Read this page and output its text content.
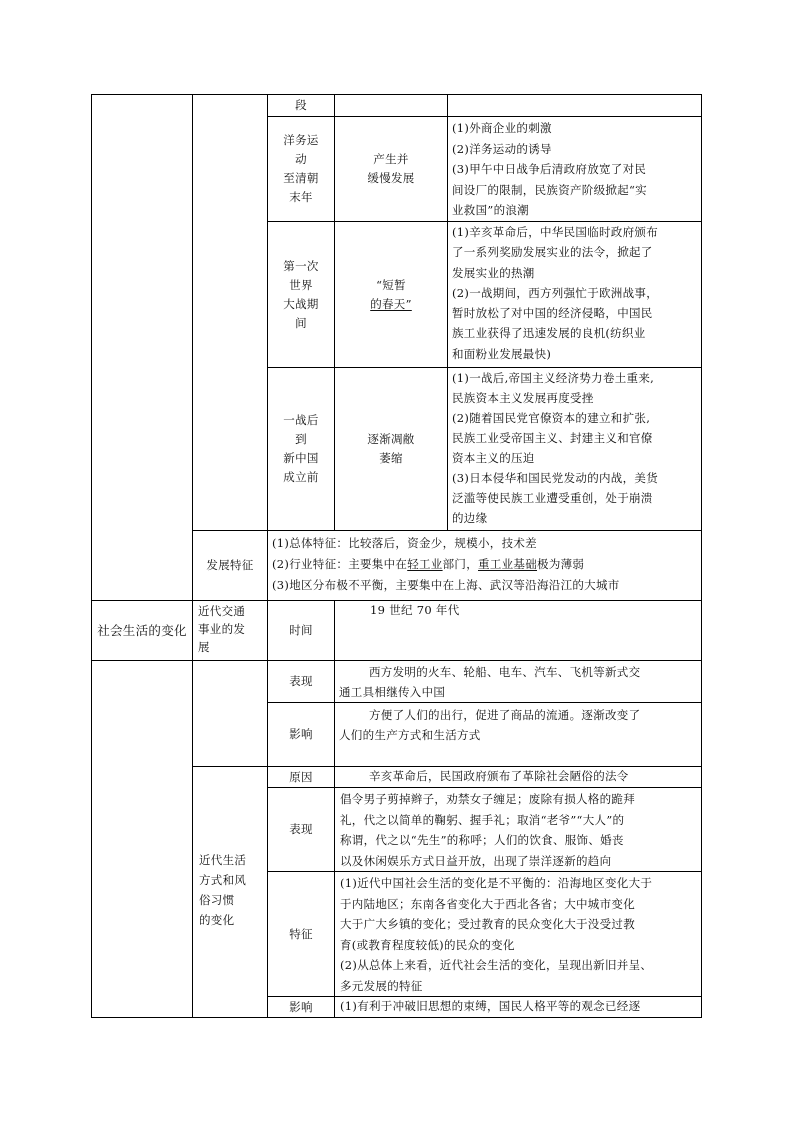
段
洋务运
动
至清朝
末年
产生并
缓慢发展
(1)外商企业的刺激
(2)洋务运动的诱导
(3)甲午中日战争后清政府放宽了对民
间设厂的限制，民族资产阶级掀起“实
业救国”的浪潮
第一次
世界
大战期
间
“短暂
的春天”
(1)辛亥革命后，中华民国临时政府颁布
了一系列奖励发展实业的法令，掀起了
发展实业的热潮
(2)一战期间，西方列强忙于欧洲战事，
暂时放松了对中国的经济侵略，中国民
族工业获得了迅速发展的良机(纺织业
和面粉业发展最快)
一战后
到
新中国
成立前
逐渐凋敝
萎缩
(1)一战后,帝国主义经济势力卷土重来,
民族资本主义发展再度受挫
(2)随着国民党官僚资本的建立和扩张,
民族工业受帝国主义、封建主义和官僚
资本主义的压迫
(3)日本侵华和国民党发动的内战，美货
泛滥等使民族工业遭受重创，处于崩溃
的边缘
发展特征
(1)总体特征：比较落后，资金少，规模小，技术差
(2)行业特征：主要集中在轻工业部门，重工业基础极为薄弱
(3)地区分布极不平衡，主要集中在上海、武汉等沿海沿江的大城市
社会生活的变化
近代交通
事业的发
展
时间
19 世纪 70 年代
表现
西方发明的火车、轮船、电车、汽车、飞机等新式交
通工具相继传入中国
影响
方便了人们的出行，促进了商品的流通。逐渐改变了
人们的生产方式和生活方式
近代生活
方式和风
俗习惯
的变化
原因	辛亥革命后，民国政府颁布了革除社会陋俗的法令
表现
倡令男子剪掉辫子，劝禁女子缠足；废除有损人格的跪拜
礼，代之以简单的鞠躬、握手礼；取消“老爷”“大人”的
称谓，代之以“先生”的称呼；人们的饮食、服饰、婚丧
以及休闲娱乐方式日益开放，出现了崇洋逐新的趋向
特征
(1)近代中国社会生活的变化是不平衡的：沿海地区变化大于
于内陆地区；东南各省变化大于西北各省；大中城市变化
大于广大乡镇的变化；受过教育的民众变化大于没受过教
育(或教育程度较低)的民众的变化
(2)从总体上来看，近代社会生活的变化，呈现出新旧并呈、
多元发展的特征
影响 (1)有利于冲破旧思想的束缚，国民人格平等的观念已经逐
